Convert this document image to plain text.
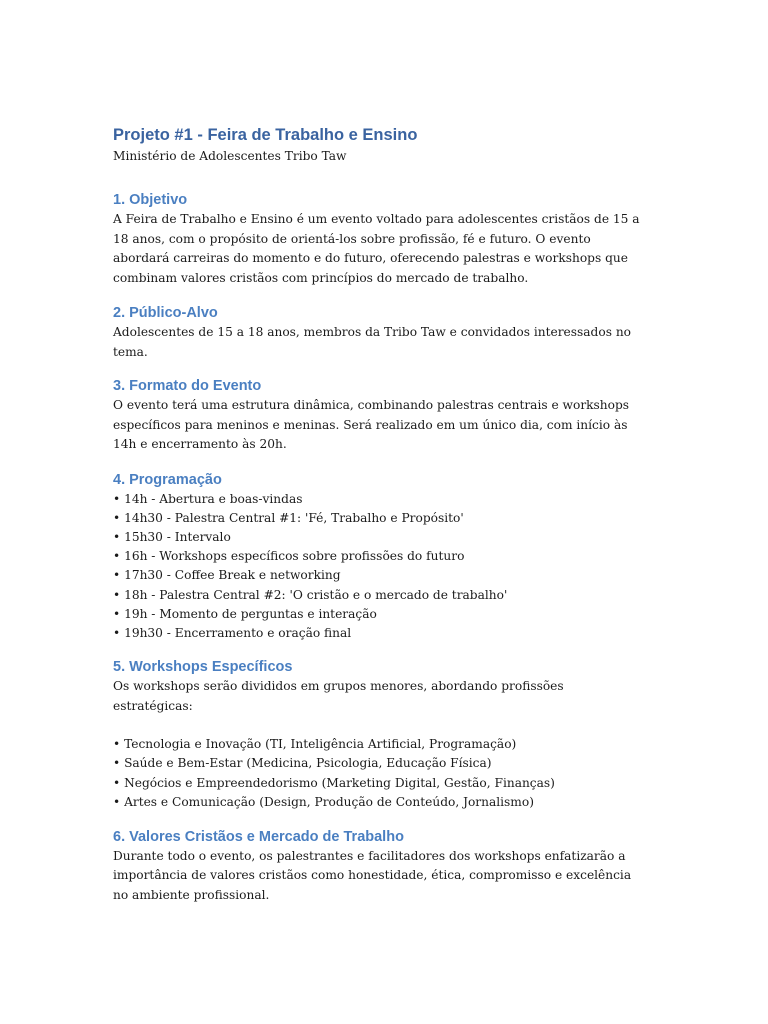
Projeto #1 - Feira de Trabalho e Ensino

Ministério de Adolescentes Tribo Taw

1. Objetivo

A Feira de Trabalho e Ensino é um evento voltado para adolescentes cristãos de 15 a 18 anos, com o propósito de orientá-los sobre profissão, fé e futuro. O evento abordará carreiras do momento e do futuro, oferecendo palestras e workshops que combinam valores cristãos com princípios do mercado de trabalho.

2. Público-Alvo

Adolescentes de 15 a 18 anos, membros da Tribo Taw e convidados interessados no tema.

3. Formato do Evento

O evento terá uma estrutura dinâmica, combinando palestras centrais e workshops específicos para meninos e meninas. Será realizado em um único dia, com início às 14h e encerramento às 20h.

4. Programação
• 14h - Abertura e boas-vindas
• 14h30 - Palestra Central #1: 'Fé, Trabalho e Propósito'
• 15h30 - Intervalo
• 16h - Workshops específicos sobre profissões do futuro
• 17h30 - Coffee Break e networking
• 18h - Palestra Central #2: 'O cristão e o mercado de trabalho'
• 19h - Momento de perguntas e interação
• 19h30 - Encerramento e oração final
5. Workshops Específicos

Os workshops serão divididos em grupos menores, abordando profissões estratégicas:

• Tecnologia e Inovação (TI, Inteligência Artificial, Programação)
• Saúde e Bem-Estar (Medicina, Psicologia, Educação Física)
• Negócios e Empreendedorismo (Marketing Digital, Gestão, Finanças)
• Artes e Comunicação (Design, Produção de Conteúdo, Jornalismo)
6. Valores Cristãos e Mercado de Trabalho

Durante todo o evento, os palestrantes e facilitadores dos workshops enfatizarão a importância de valores cristãos como honestidade, ética, compromisso e excelência no ambiente profissional.
